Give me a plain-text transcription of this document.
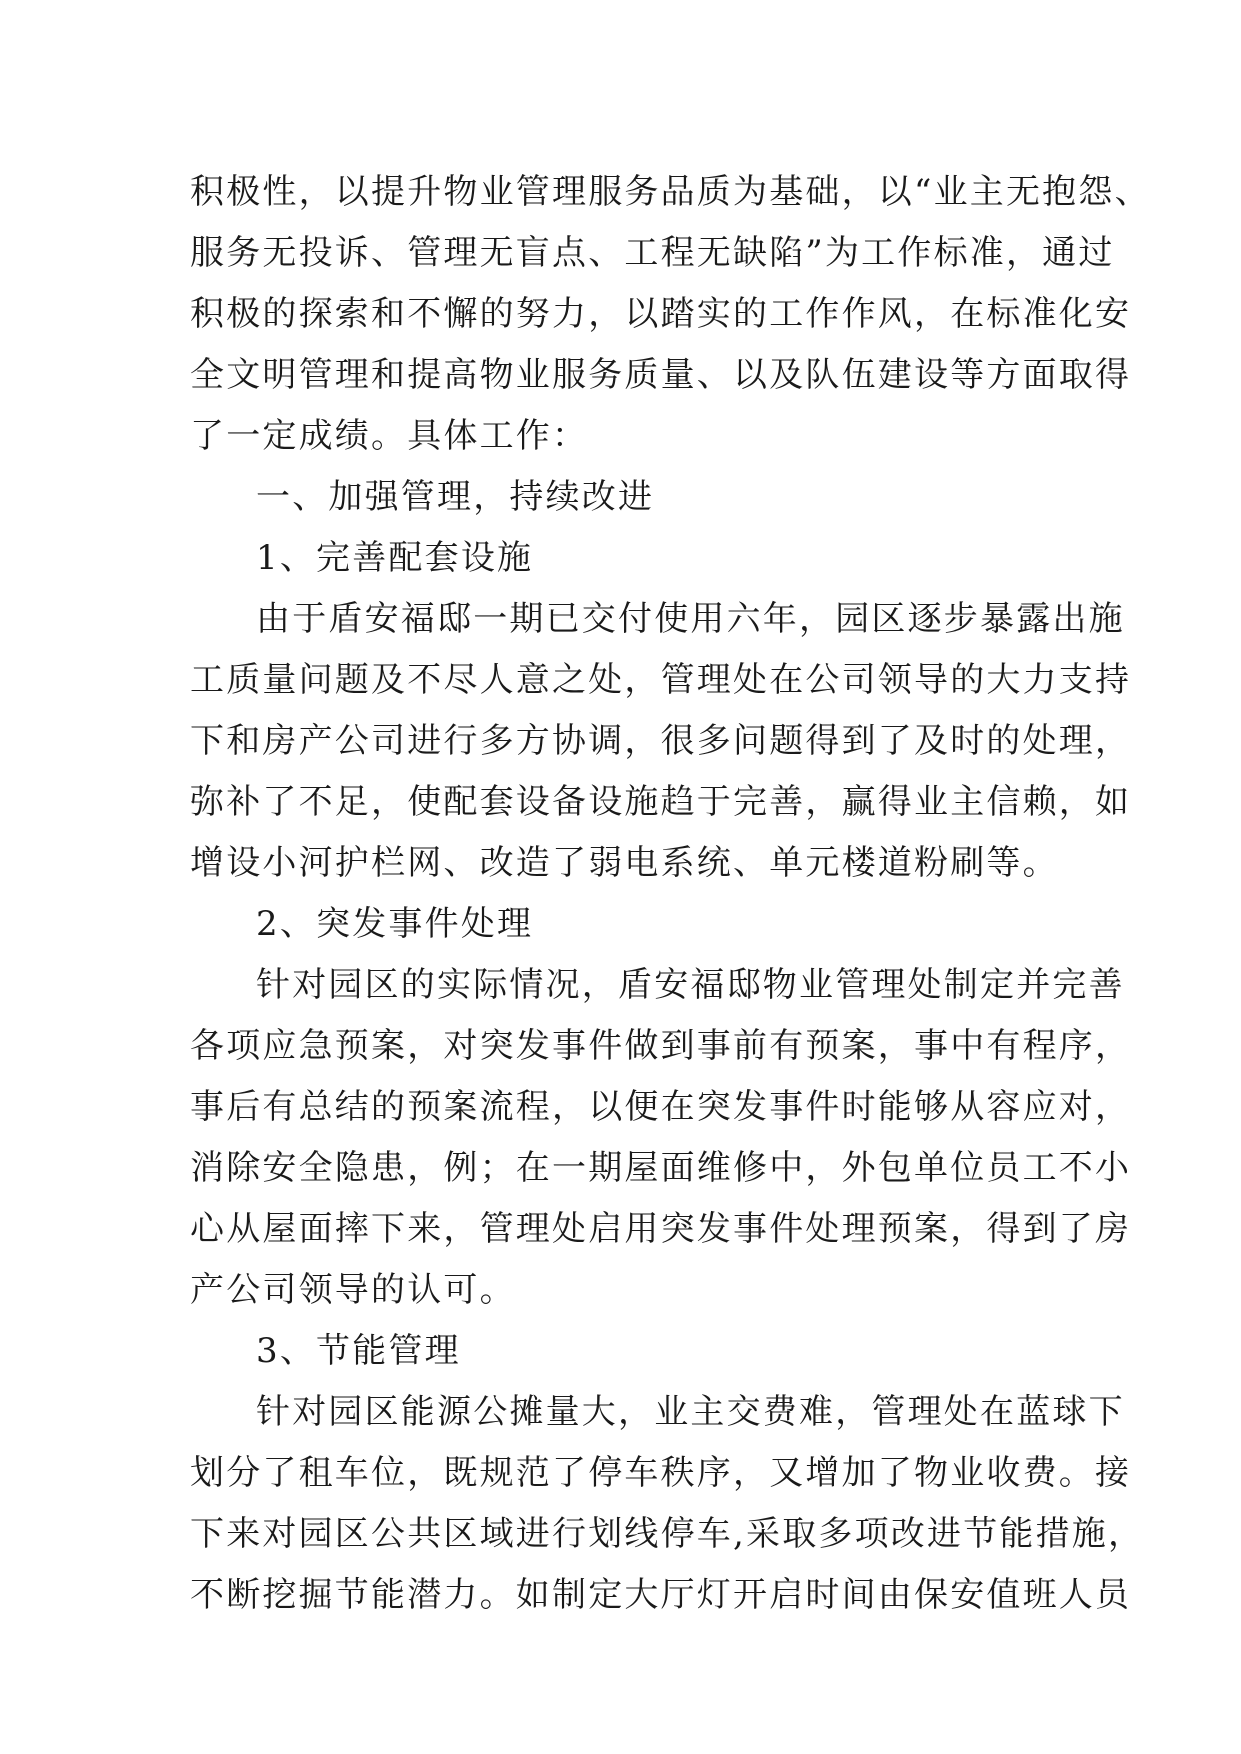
积极性，以提升物业管理服务品质为基础，以“业主无抱怨、
服务无投诉、管理无盲点、工程无缺陷”为工作标准，通过
积极的探索和不懈的努力，以踏实的工作作风，在标准化安
全文明管理和提高物业服务质量、以及队伍建设等方面取得
了一定成绩。具体工作：
一、加强管理，持续改进
1、完善配套设施
由于盾安福邸一期已交付使用六年，园区逐步暴露出施
工质量问题及不尽人意之处，管理处在公司领导的大力支持
下和房产公司进行多方协调，很多问题得到了及时的处理，
弥补了不足，使配套设备设施趋于完善，赢得业主信赖，如
增设小河护栏网、改造了弱电系统、单元楼道粉刷等。
2、突发事件处理
针对园区的实际情况，盾安福邸物业管理处制定并完善
各项应急预案，对突发事件做到事前有预案，事中有程序，
事后有总结的预案流程，以便在突发事件时能够从容应对，
消除安全隐患，例；在一期屋面维修中，外包单位员工不小
心从屋面摔下来，管理处启用突发事件处理预案，得到了房
产公司领导的认可。
3、节能管理
针对园区能源公摊量大，业主交费难，管理处在蓝球下
划分了租车位，既规范了停车秩序，又增加了物业收费。接
下来对园区公共区域进行划线停车,采取多项改进节能措施，
不断挖掘节能潜力。如制定大厅灯开启时间由保安值班人员
